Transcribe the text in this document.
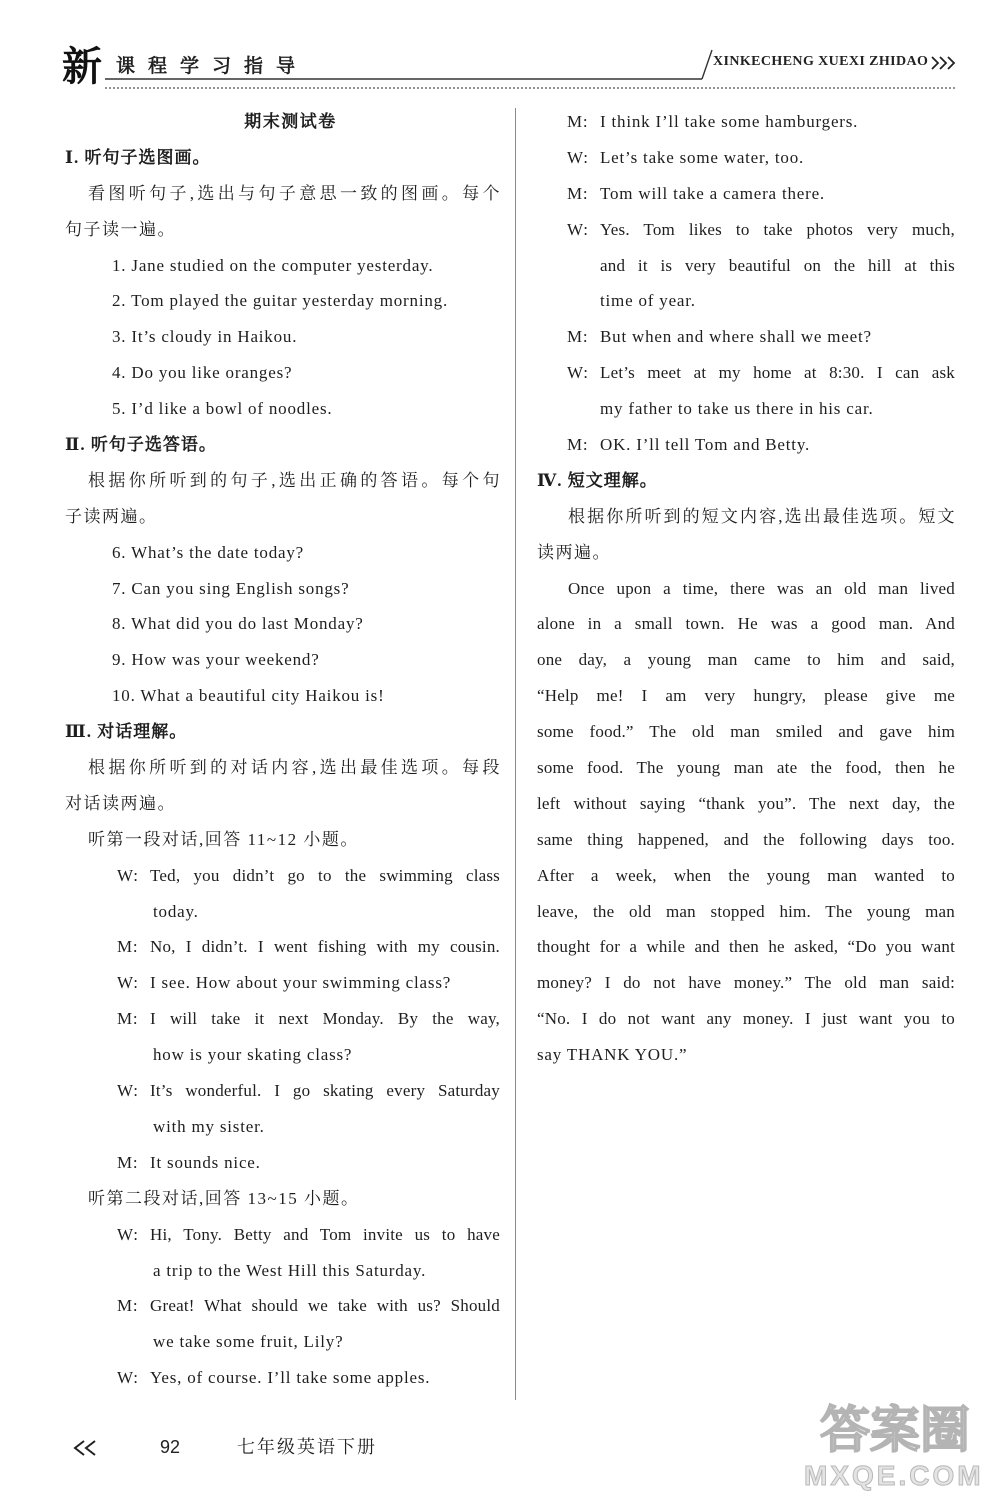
新 课程学习指导	XINKECHENG XUEXI ZHIDAO
期末测试卷
Ⅰ. 听句子选图画。
看图听句子,选出与句子意思一致的图画。每个
句子读一遍。
1. Jane studied on the computer yesterday.
2. Tom played the guitar yesterday morning.
3. It’s cloudy in Haikou.
4. Do you like oranges?
5. I’d like a bowl of noodles.
Ⅱ. 听句子选答语。
根据你所听到的句子,选出正确的答语。每个句
子读两遍。
6. What’s the date today?
7. Can you sing English songs?
8. What did you do last Monday?
9. How was your weekend?
10. What a beautiful city Haikou is!
Ⅲ. 对话理解。
根据你所听到的对话内容,选出最佳选项。每段
对话读两遍。
听第一段对话,回答 11~12 小题。
W: Ted, you didn’t go to the swimming class
today.
M: No, I didn’t. I went fishing with my cousin.
W: I see. How about your swimming class?
M: I will take it next Monday. By the way,
how is your skating class?
W: It’s wonderful. I go skating every Saturday
with my sister.
M: It sounds nice.
听第二段对话,回答 13~15 小题。
W: Hi, Tony. Betty and Tom invite us to have
a trip to the West Hill this Saturday.
M: Great! What should we take with us? Should
we take some fruit, Lily?
W: Yes, of course. I’ll take some apples.
M: I think I’ll take some hamburgers.
W: Let’s take some water, too.
M: Tom will take a camera there.
W: Yes. Tom likes to take photos very much,
and it is very beautiful on the hill at this
time of year.
M: But when and where shall we meet?
W: Let’s meet at my home at 8:30. I can ask
my father to take us there in his car.
M: OK. I’ll tell Tom and Betty.
Ⅳ. 短文理解。
根据你所听到的短文内容,选出最佳选项。短文
读两遍。
Once upon a time, there was an old man lived
alone in a small town. He was a good man. And
one day, a young man came to him and said,
“Help me! I am very hungry, please give me
some food.” The old man smiled and gave him
some food. The young man ate the food, then he
left without saying “thank you”. The next day, the
same thing happened, and the following days too.
After a week, when the young man wanted to
leave, the old man stopped him. The young man
thought for a while and then he asked, “Do you want
money? I do not have money.” The old man said:
“No. I do not want any money. I just want you to
say THANK YOU.”
92	七年级英语下册	答案圈
MXQE.COM
